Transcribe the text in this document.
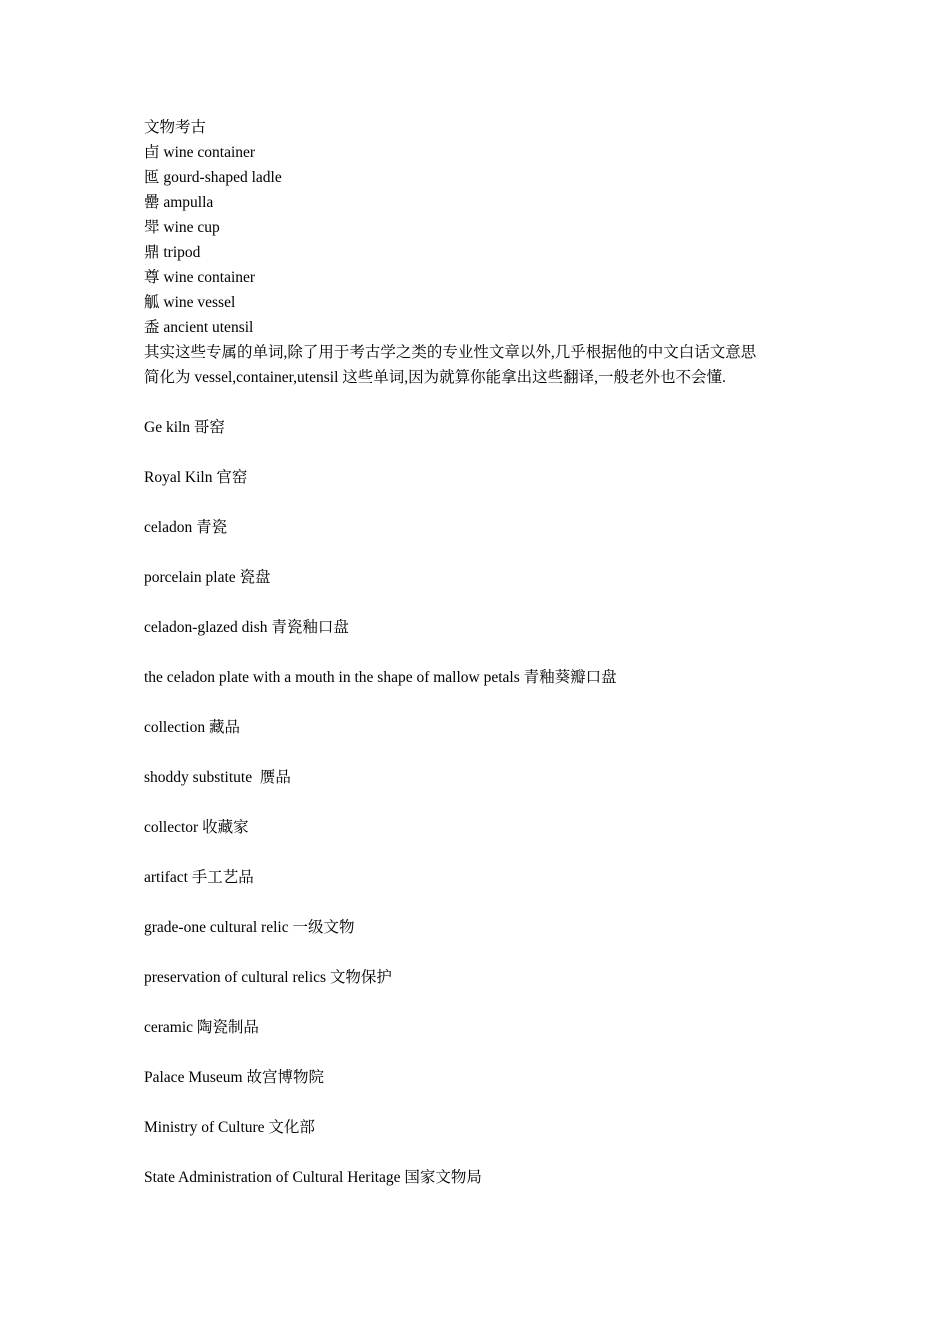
文物考古
卣 wine container
匜 gourd-shaped ladle
罍 ampulla
斝 wine cup
鼎 tripod
尊 wine container
觚 wine vessel
盉 ancient utensil
其实这些专属的单词,除了用于考古学之类的专业性文章以外,几乎根据他的中文白话文意思
简化为 vessel,container,utensil 这些单词,因为就算你能拿出这些翻译,一般老外也不会懂.
Ge kiln 哥窑
Royal Kiln 官窑
celadon 青瓷
porcelain plate 瓷盘
celadon-glazed dish 青瓷釉口盘
the celadon plate with a mouth in the shape of mallow petals 青釉葵瓣口盘
collection 藏品
shoddy substitute  赝品
collector 收藏家
artifact 手工艺品
grade-one cultural relic 一级文物
preservation of cultural relics 文物保护
ceramic 陶瓷制品
Palace Museum 故宫博物院
Ministry of Culture 文化部
State Administration of Cultural Heritage 国家文物局
